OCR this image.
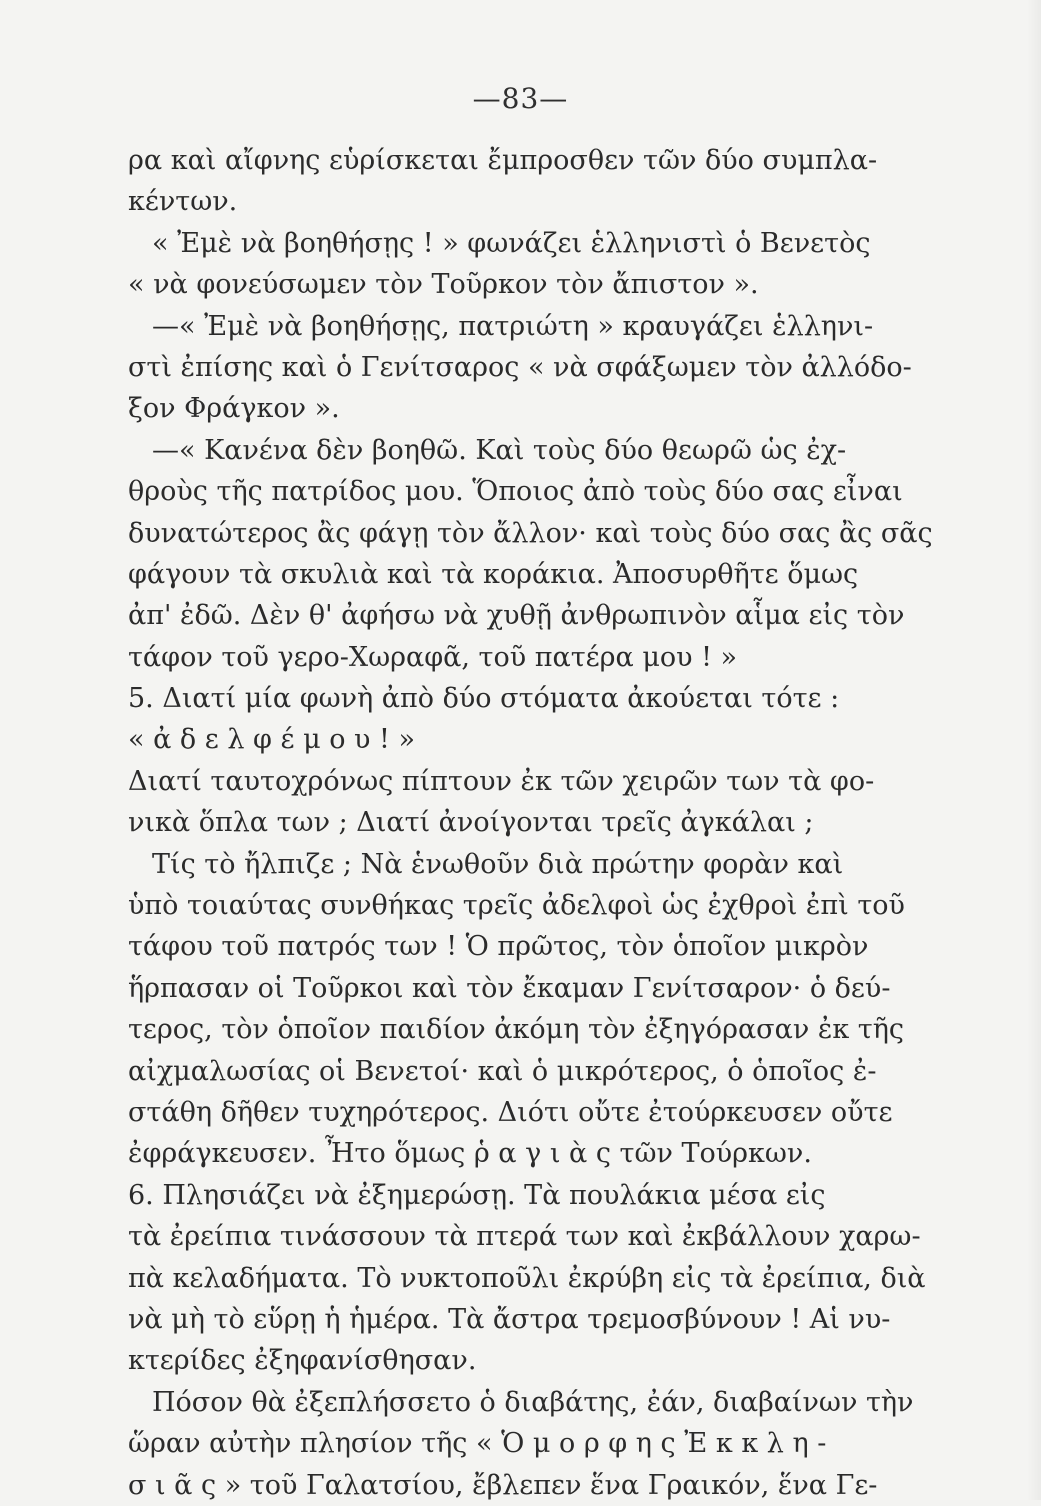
—83—
ρα καὶ αἴφνης εὑρίσκεται ἔμπροσθεν τῶν δύο συμπλα-
κέντων.
« Ἐμὲ νὰ βοηθήσῃς ! » φωνάζει ἑλληνιστὶ ὁ Βενετὸς
« νὰ φονεύσωμεν τὸν Τοῦρκον τὸν ἄπιστον ».
—« Ἐμὲ νὰ βοηθήσῃς, πατριώτη » κραυγάζει ἑλληνι-
στὶ ἐπίσης καὶ ὁ Γενίτσαρος « νὰ σφάξωμεν τὸν ἀλλόδο-
ξον Φράγκον ».
—« Κανένα δὲν βοηθῶ. Καὶ τοὺς δύο θεωρῶ ὡς ἐχ-
θροὺς τῆς πατρίδος μου. Ὅποιος ἀπὸ τοὺς δύο σας εἶναι
δυνατώτερος ἂς φάγῃ τὸν ἄλλον· καὶ τοὺς δύο σας ἂς σᾶς
φάγουν τὰ σκυλιὰ καὶ τὰ κοράκια. Ἀποσυρθῆτε ὅμως
ἀπ' ἐδῶ. Δὲν θ' ἀφήσω νὰ χυθῇ ἀνθρωπινὸν αἷμα εἰς τὸν
τάφον τοῦ γερο-Χωραφᾶ, τοῦ πατέρα μου ! »
5. Διατί μία φωνὴ ἀπὸ δύο στόματα ἀκούεται τότε :
« ἀ δ ε λ φ έ μ ο υ ! »
Διατί ταυτοχρόνως πίπτουν ἐκ τῶν χειρῶν των τὰ φο-
νικὰ ὅπλα των ; Διατί ἀνοίγονται τρεῖς ἀγκάλαι ;
Τίς τὸ ἤλπιζε ; Νὰ ἑνωθοῦν διὰ πρώτην φορὰν καὶ
ὑπὸ τοιαύτας συνθήκας τρεῖς ἀδελφοὶ ὡς ἐχθροὶ ἐπὶ τοῦ
τάφου τοῦ πατρός των ! Ὁ πρῶτος, τὸν ὁποῖον μικρὸν
ἥρπασαν οἱ Τοῦρκοι καὶ τὸν ἔκαμαν Γενίτσαρον· ὁ δεύ-
τερος, τὸν ὁποῖον παιδίον ἀκόμη τὸν ἐξηγόρασαν ἐκ τῆς
αἰχμαλωσίας οἱ Βενετοί· καὶ ὁ μικρότερος, ὁ ὁποῖος ἐ-
στάθη δῆθεν τυχηρότερος. Διότι οὔτε ἐτούρκευσεν οὔτε
ἐφράγκευσεν. Ἦτο ὅμως ῥ α γ ι ὰ ς τῶν Τούρκων.
6. Πλησιάζει νὰ ἐξημερώσῃ. Τὰ πουλάκια μέσα εἰς
τὰ ἐρείπια τινάσσουν τὰ πτερά των καὶ ἐκβάλλουν χαρω-
πὰ κελαδήματα. Τὸ νυκτοποῦλι ἐκρύβη εἰς τὰ ἐρείπια, διὰ
νὰ μὴ τὸ εὕρῃ ἡ ἡμέρα. Τὰ ἄστρα τρεμοσβύνουν ! Αἱ νυ-
κτερίδες ἐξηφανίσθησαν.
Πόσον θὰ ἐξεπλήσσετο ὁ διαβάτης, ἐάν, διαβαίνων τὴν
ὥραν αὐτὴν πλησίον τῆς « Ὁ μ ο ρ φ η ς Ἐ κ κ λ η -
σ ι ᾶ ς » τοῦ Γαλατσίου, ἔβλεπεν ἕνα Γραικόν, ἕνα Γε-
